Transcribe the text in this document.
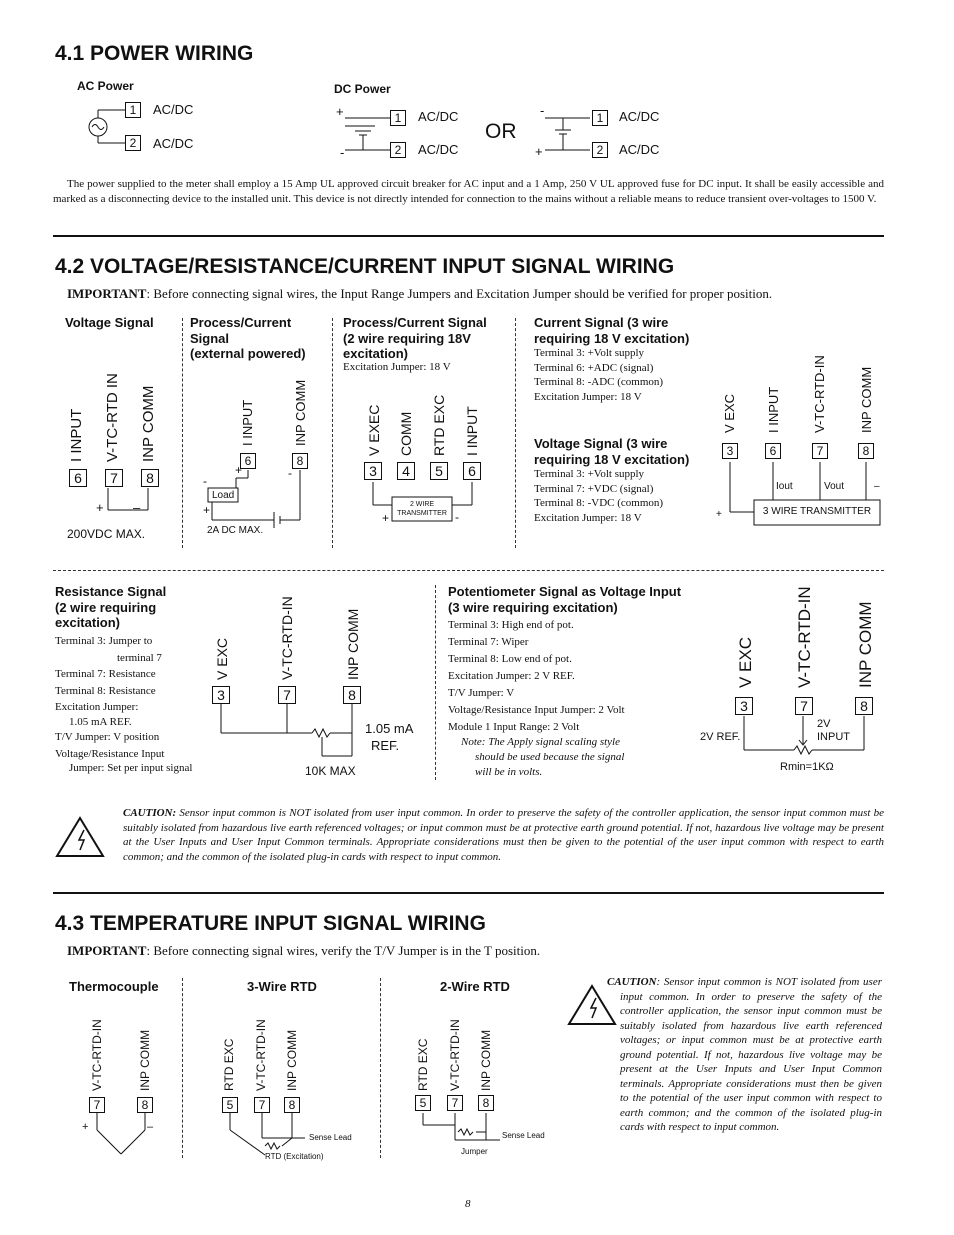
4.1 POWER WIRING
AC Power	DC Power
1	AC/DC
2	AC/DC
+
-
1	AC/DC
2	AC/DC
OR
-
+
1	AC/DC
2	AC/DC
The power supplied to the meter shall employ a 15 Amp UL approved circuit breaker for AC input and a 1 Amp, 250 V UL approved fuse for DC input. It shall be easily accessible and marked as a disconnecting device to the installed unit. This device is not directly intended for connection to the mains without a reliable means to reduce transient over-voltages to 1500 V.
4.2 VOLTAGE/RESISTANCE/CURRENT INPUT SIGNAL WIRING
IMPORTANT: Before connecting signal wires, the Input Range Jumpers and Excitation Jumper should be verified for proper position.
Voltage Signal
I INPUT V-TC-RTD IN INP COMM
6	7	8
+ –
200VDC MAX.
Process/Current
Signal
(external powered)
I INPUT	INP COMM
6	8
-
+	-
+
Load
2A DC MAX.
Process/Current Signal
(2 wire requiring 18V
excitation)
Excitation Jumper: 18 V
V EXEC COMM RTD EXC I INPUT
3	4	5	6
2 WIRE
TRANSMITTER
+	-
Current Signal (3 wire
requiring 18 V excitation)
Terminal 3: +Volt supply
Terminal 6: +ADC (signal)
Terminal 8: -ADC (common)
Excitation Jumper: 18 V
Voltage Signal (3 wire
requiring 18 V excitation)
Terminal 3: +Volt supply
Terminal 7: +VDC (signal)
Terminal 8: -VDC (common)
Excitation Jumper: 18 V
V EXC I INPUT V-TC-RTD-IN INP COMM
3	6	7	8
Iout	Vout	–
+	3 WIRE TRANSMITTER
Resistance Signal
(2 wire requiring
excitation)
Terminal 3: Jumper to
terminal 7
Terminal 7: Resistance
Terminal 8: Resistance
Excitation Jumper:
1.05 mA REF.
T/V Jumper: V position
Voltage/Resistance Input
Jumper: Set per input signal
V EXC	V-TC-RTD-IN	INP COMM
3	7	8
1.05 mA
REF.
10K MAX
Potentiometer Signal as Voltage Input
(3 wire requiring excitation)
Terminal 3: High end of pot.
Terminal 7: Wiper
Terminal 8: Low end of pot.
Excitation Jumper: 2 V REF.
T/V Jumper: V
Voltage/Resistance Input Jumper: 2 Volt
Module 1 Input Range: 2 Volt
Note: The Apply signal scaling style
should be used because the signal
will be in volts.
V EXC V-TC-RTD-IN INP COMM
3	7	8
2V REF.
2V
INPUT
Rmin=1KΩ
CAUTION: Sensor input common is NOT isolated from user input common. In order to preserve the safety of the controller application, the sensor input common must be suitably isolated from hazardous live earth referenced voltages; or input common must be at protective earth ground potential. If not, hazardous live voltage may be present at the User Inputs and User Input Common terminals. Appropriate considerations must then be given to the potential of the user input common with respect to earth common; and the common of the isolated plug-in cards with respect to input common.
4.3 TEMPERATURE INPUT SIGNAL WIRING
IMPORTANT: Before connecting signal wires, verify the T/V Jumper is in the T position.
Thermocouple
V-TC-RTD-IN	INP COMM
7	8
+	–
3-Wire RTD
RTD EXC V-TC-RTD-IN INP COMM
5	7	8
Sense Lead
RTD (Excitation)
2-Wire RTD
RTD EXC V-TC-RTD-IN INP COMM
5	7	8
Sense Lead
Jumper
CAUTION: Sensor input common is NOT isolated from user input common. In order to preserve the safety of the controller application, the sensor input common must be suitably isolated from hazardous live earth referenced voltages; or input common must be at protective earth ground potential. If not, hazardous live voltage may be present at the User Inputs and User Input Common terminals. Appropriate considerations must then be given to the potential of the user input common with respect to earth common; and the common of the isolated plug-in cards with respect to input common.
8
